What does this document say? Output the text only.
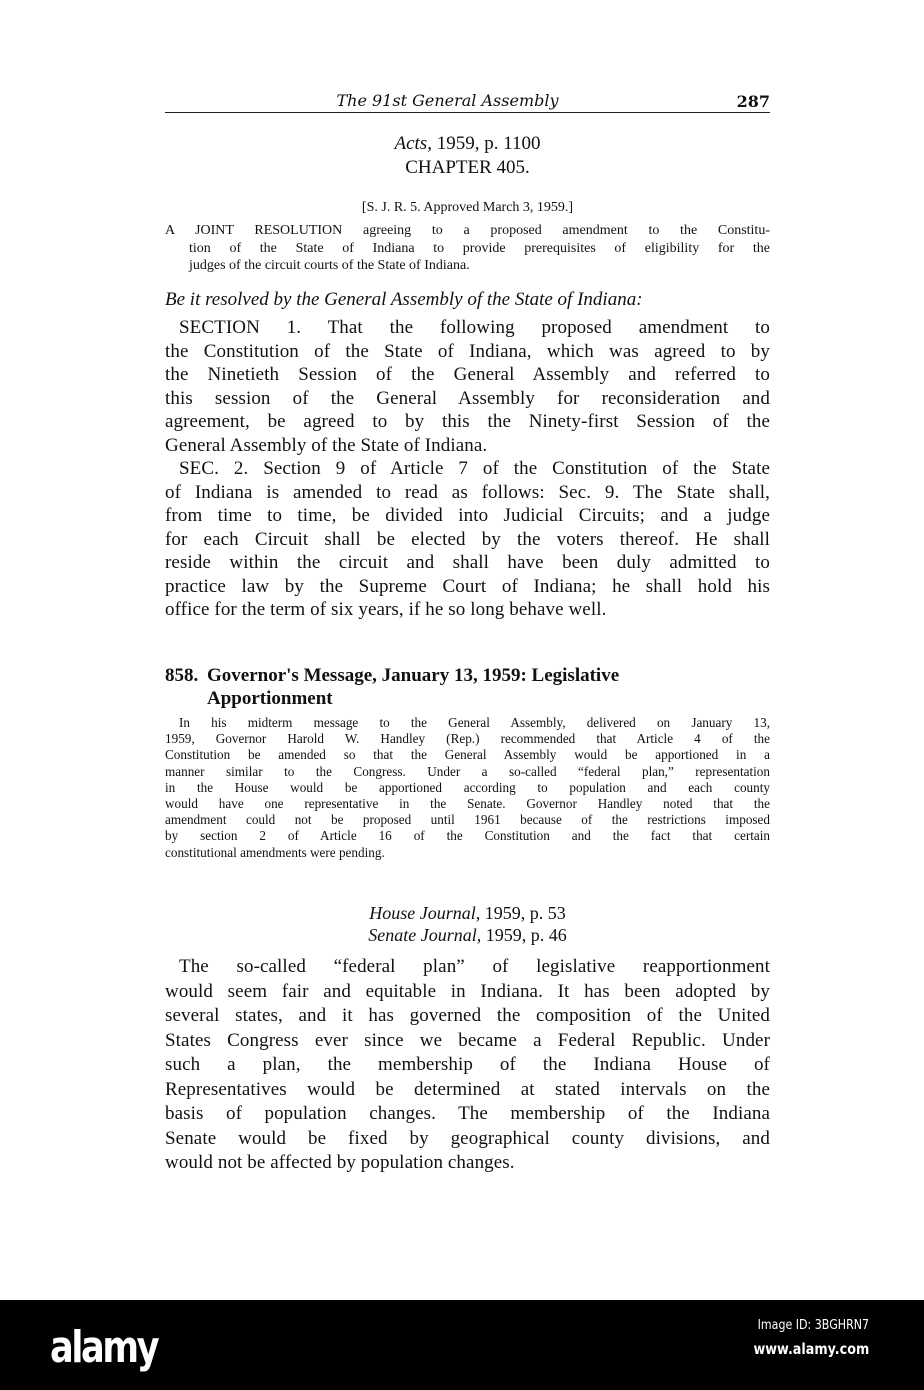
The 91st General Assembly	287
Acts, 1959, p. 1100
CHAPTER 405.
[S. J. R. 5. Approved March 3, 1959.]
A JOINT RESOLUTION agreeing to a proposed amendment to the Constitu-
tion of the State of Indiana to provide prerequisites of eligibility for the
judges of the circuit courts of the State of Indiana.
Be it resolved by the General Assembly of the State of Indiana:
SECTION 1. That the following proposed amendment to
the Constitution of the State of Indiana, which was agreed to by
the Ninetieth Session of the General Assembly and referred to
this session of the General Assembly for reconsideration and
agreement, be agreed to by this the Ninety-first Session of the
General Assembly of the State of Indiana.
SEC. 2. Section 9 of Article 7 of the Constitution of the State
of Indiana is amended to read as follows: Sec. 9. The State shall,
from time to time, be divided into Judicial Circuits; and a judge
for each Circuit shall be elected by the voters thereof. He shall
reside within the circuit and shall have been duly admitted to
practice law by the Supreme Court of Indiana; he shall hold his
office for the term of six years, if he so long behave well.
858. Governor's Message, January 13, 1959: Legislative
Apportionment
In his midterm message to the General Assembly, delivered on January 13,
1959, Governor Harold W. Handley (Rep.) recommended that Article 4 of the
Constitution be amended so that the General Assembly would be apportioned in a
manner similar to the Congress. Under a so-called “federal plan,” representation
in the House would be apportioned according to population and each county
would have one representative in the Senate. Governor Handley noted that the
amendment could not be proposed until 1961 because of the restrictions imposed
by section 2 of Article 16 of the Constitution and the fact that certain
constitutional amendments were pending.
House Journal, 1959, p. 53
Senate Journal, 1959, p. 46
The so-called “federal plan” of legislative reapportionment
would seem fair and equitable in Indiana. It has been adopted by
several states, and it has governed the composition of the United
States Congress ever since we became a Federal Republic. Under
such a plan, the membership of the Indiana House of
Representatives would be determined at stated intervals on the
basis of population changes. The membership of the Indiana
Senate would be fixed by geographical county divisions, and
would not be affected by population changes.
alamy	Image ID: 3BGHRN7
www.alamy.com
